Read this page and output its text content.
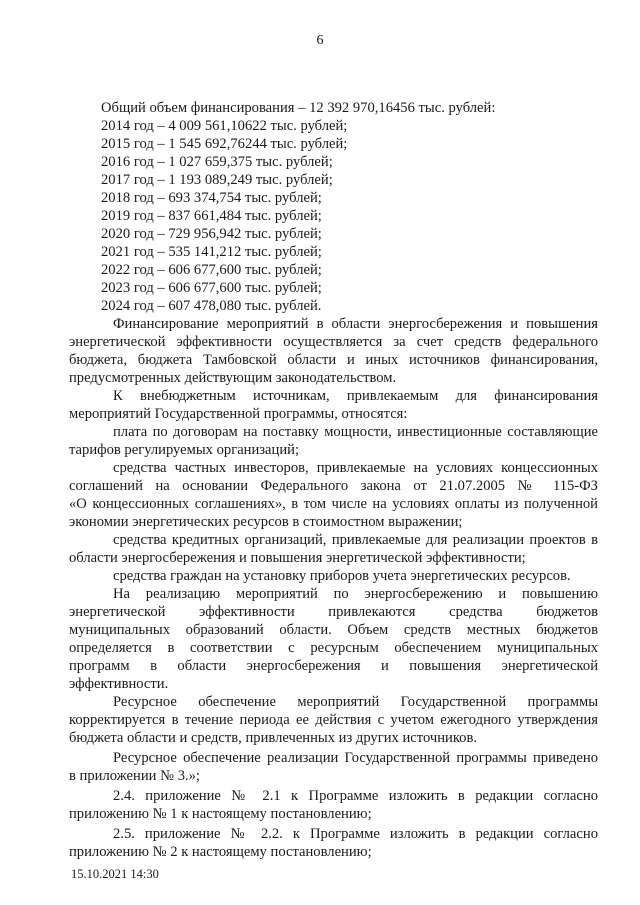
6
Общий объем финансирования – 12 392 970,16456 тыс. рублей:
2014 год – 4 009 561,10622 тыс. рублей;
2015 год – 1 545 692,76244 тыс. рублей;
2016 год – 1 027 659,375 тыс. рублей;
2017 год – 1 193 089,249 тыс. рублей;
2018 год – 693 374,754 тыс. рублей;
2019 год – 837 661,484 тыс. рублей;
2020 год – 729 956,942 тыс. рублей;
2021 год – 535 141,212 тыс. рублей;
2022 год – 606 677,600 тыс. рублей;
2023 год – 606 677,600 тыс. рублей;
2024 год – 607 478,080 тыс. рублей.
Финансирование мероприятий в области энергосбережения и повышения
энергетической эффективности осуществляется за счет средств федерального
бюджета, бюджета Тамбовской области и иных источников финансирования,
предусмотренных действующим законодательством.
К внебюджетным источникам, привлекаемым для финансирования
мероприятий Государственной программы, относятся:
плата по договорам на поставку мощности, инвестиционные составляющие
тарифов регулируемых организаций;
средства частных инвесторов, привлекаемые на условиях концессионных
соглашений на основании Федерального закона от 21.07.2005 № 115-ФЗ
«О концессионных соглашениях», в том числе на условиях оплаты из полученной
экономии энергетических ресурсов в стоимостном выражении;
средства кредитных организаций, привлекаемые для реализации проектов в
области энергосбережения и повышения энергетической эффективности;
средства граждан на установку приборов учета энергетических ресурсов.
На реализацию мероприятий по энергосбережению и повышению
энергетической эффективности привлекаются средства бюджетов
муниципальных образований области. Объем средств местных бюджетов
определяется в соответствии с ресурсным обеспечением муниципальных
программ в области энергосбережения и повышения энергетической
эффективности.
Ресурсное обеспечение мероприятий Государственной программы
корректируется в течение периода ее действия с учетом ежегодного утверждения
бюджета области и средств, привлеченных из других источников.
Ресурсное обеспечение реализации Государственной программы приведено
в приложении № 3.»;
2.4. приложение № 2.1 к Программе изложить в редакции согласно
приложению № 1 к настоящему постановлению;
2.5. приложение № 2.2. к Программе изложить в редакции согласно
приложению № 2 к настоящему постановлению;
15.10.2021 14:30
